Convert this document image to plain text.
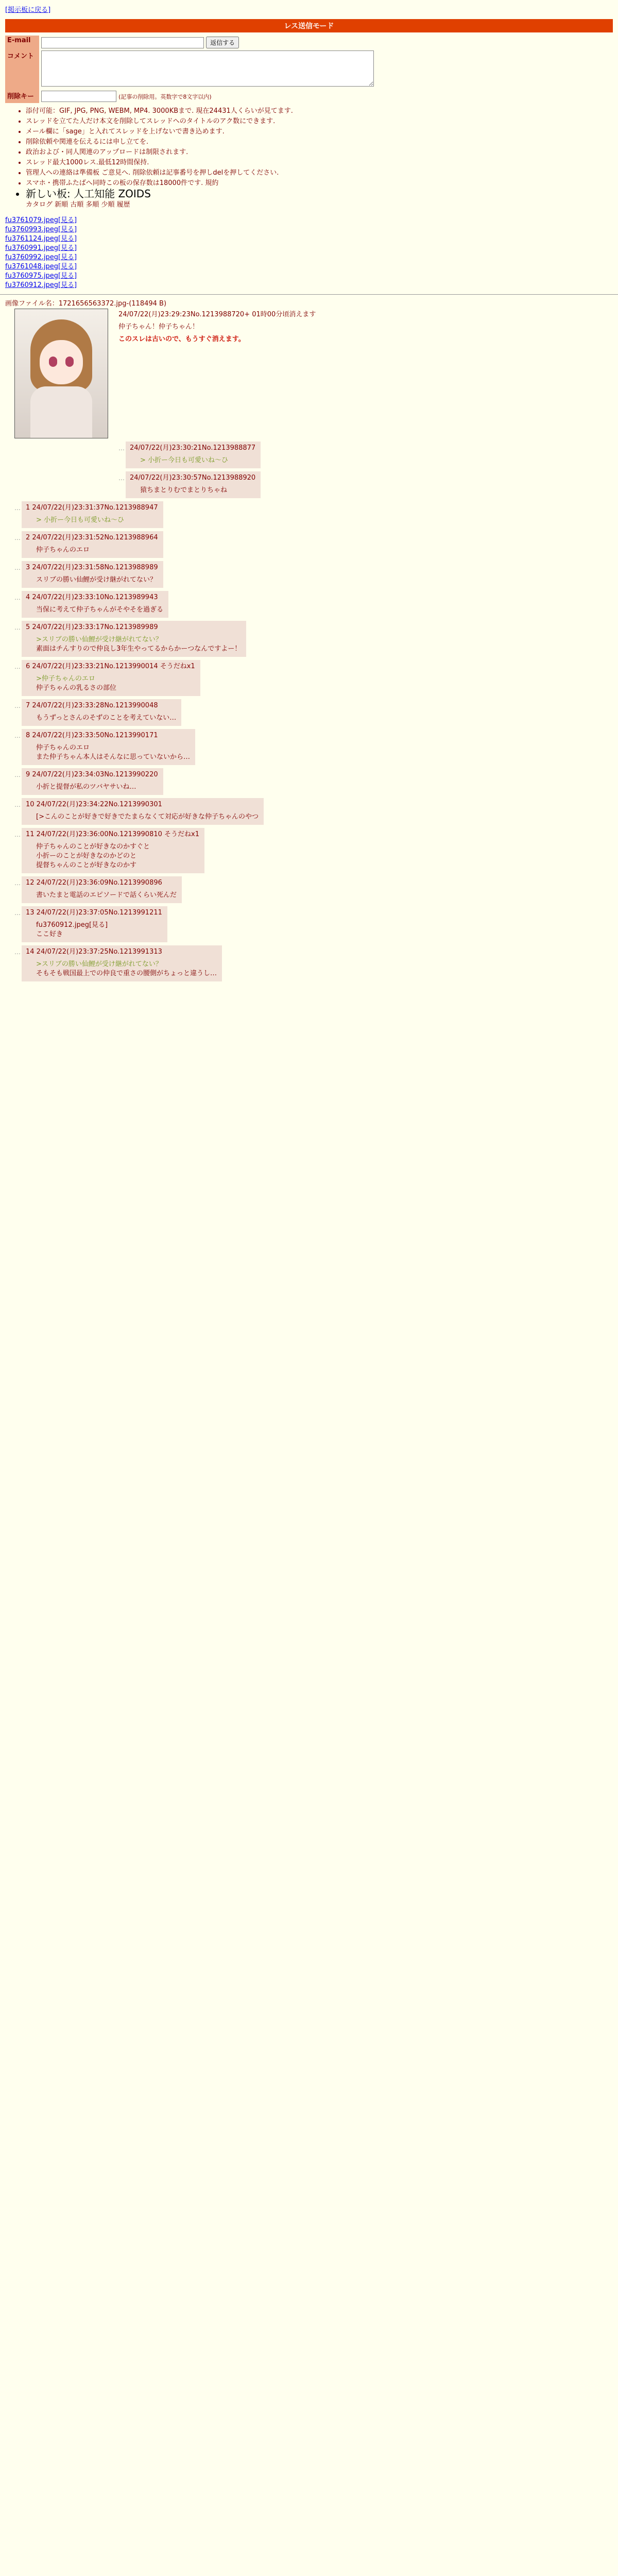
[掲示板に戻る]
レス送信モード
E-mail	返信する
コメント	
削除キー	(記事の削除用。英数字で8文字以内)
• 添付可能：GIF, JPG, PNG, WEBM, MP4. 3000KBまで. 現在24431人くらいが見てます.
• スレッドを立てた人だけ本文を削除してスレッドへのタイトルのアク数にできます.
• メール欄に「sage」と入れてスレッドを上げないで書き込めます.
• 削除依頼や関連を伝えるには申し立てを.
• 政治および・同人関連のアップロードは制限されます.
• スレッド最大1000レス.最低12時間保持.
• 管理人への連絡は準備板 ご意見へ. 削除依頼は記事番号を押しdelを押してください.
• スマホ・携帯ふたばへ同時この板の保存数は18000件です. 規約
• 新しい板: 人工知能 ZOIDS
カタログ 新順 古順 多順 少順 履歴
fu3761079.jpeg[見る]
fu3760993.jpeg[見る]
fu3761124.jpeg[見る]
fu3760991.jpeg[見る]
fu3760992.jpeg[見る]
fu3761048.jpeg[見る]
fu3760975.jpeg[見る]
fu3760912.jpeg[見る]
画像ファイル名：1721656563372.jpg-(118494 B)
24/07/22(月)23:29:23No.1213988720+ 01時00分頃消えます
仲子ちゃん！仲子ちゃん！
このスレは古いので、もうすぐ消えます。
… 24/07/22(月)23:30:21No.1213988877
> 小折ー今日も可愛いね〜ひ
… 24/07/22(月)23:30:57No.1213988920
猿ちまとりむでまとりちゃね
… 1 24/07/22(月)23:31:37No.1213988947
> 小折ー今日も可愛いね〜ひ
… 2 24/07/22(月)23:31:52No.1213988964
仲子ちゃんのエロ
… 3 24/07/22(月)23:31:58No.1213988989
スリブの勝い仙鯉が受け継がれてない？
… 4 24/07/22(月)23:33:10No.1213989943
当保に考えて仲子ちゃんがそやそを過ぎる
… 5 24/07/22(月)23:33:17No.1213989989
>スリブの勝い仙鯉が受け継がれてない？
素面はチんすりので仲良し3年生やってるからかーつなんですよー！
… 6 24/07/22(月)23:33:21No.1213990014 そうだねx1
>仲子ちゃんのエロ
仲子ちゃんの乳るさの部位
… 7 24/07/22(月)23:33:28No.1213990048
もうずっとさんのそずのことを考えていない…
… 8 24/07/22(月)23:33:50No.1213990171
仲子ちゃんのエロ
また仲子ちゃん本人はそんなに思っていないから…
… 9 24/07/22(月)23:34:03No.1213990220
小折と提督が私のツバヤサいね…
… 10 24/07/22(月)23:34:22No.1213990301
[>こんのことが好きで好きでたまらなくて対応が好きな仲子ちゃんのやつ
… 11 24/07/22(月)23:36:00No.1213990810 そうだねx1
仲子ちゃんのことが好きなのかすぐと
小折ーのことが好きなのかどのと
提督ちゃんのことが好きなのかす
… 12 24/07/22(月)23:36:09No.1213990896
書いたまと電話のエピソードで話くらい死んだ
… 13 24/07/22(月)23:37:05No.1213991211
fu3760912.jpeg[見る]
ここ好き
… 14 24/07/22(月)23:37:25No.1213991313
>スリブの勝い仙鯉が受け継がれてない？
そもそも戦国最上での仲良で重さの腰側がちょっと違うし…
